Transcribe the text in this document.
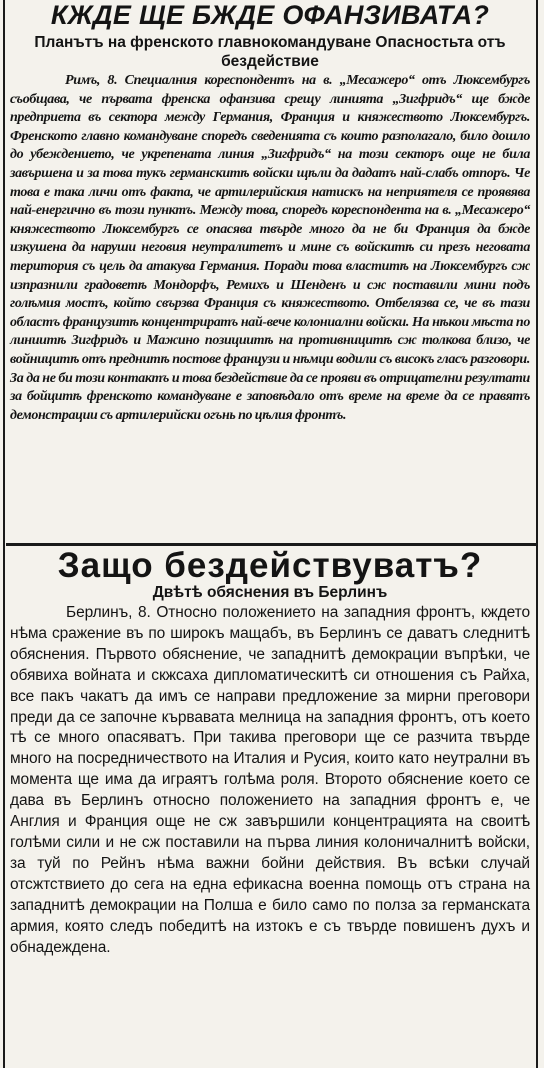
КЖДЕ ЩЕ БЖДЕ ОФАНЗИВАТА?

Планътъ на френското главнокомандуване Опасностьта отъ бездействие

Римъ, 8. Специалния кореспондентъ на в. „Месажеро“ отъ Люксембургъ съобщава, че първата френска офанзива срещу линията „Зигфридъ“ ще бжде предприета въ сектора между Германия, Франция и княжеството Люксембургъ. Френското главно командуване споредъ сведенията съ които разполагало, било дошло до убеждението, че укрепената линия „Зигфридъ“ на този секторъ още не била завършена и за това тукъ германскитѣ войски щѣли да дадатъ най-слабъ отпоръ. Че това е така личи отъ факта, че артилерийския натискъ на неприятеля се проявява най-енергично въ този пунктъ. Между това, споредъ кореспондента на в. „Месажеро“ княжеството Люксембургъ се опасява твърде много да не би Франция да бжде изкушена да наруши неговия неутралитетъ и мине съ войскитѣ си презъ неговата територия съ цель да атакува Германия. Поради това властитѣ на Люксембургъ сж изпразнили градоветѣ Мондорфъ, Ремихъ и Шенденъ и сж поставили мини подъ голѣмия мостъ, който свързва Франция съ княжеството. Отбелязва се, че въ тази областъ французитѣ концентриратъ най-вече колониални войски. На нѣкои мѣста по линиитѣ Зигфридъ и Мажино позициитѣ на противницитѣ сж толкова близо, че войницитѣ отъ преднитѣ постове французи и нѣмци водили съ високъ гласъ разговори. За да не би този контактъ и това бездействие да се прояви въ отрицателни резултати за бойцитѣ френското командуване е заповѣдало отъ време на време да се правятъ демонстрации съ артилерийски огънь по цѣлия фронтъ.

Защо бездействуватъ?

Двѣтѣ обяснения въ Берлинъ

Берлинъ, 8. Относно положението на западния фронтъ, кждето нѣма сражение въ по широкъ мащабъ, въ Берлинъ се даватъ следнитѣ обяснения. Първото обяснение, че западнитѣ демокрации въпрѣки, че обявиха войната и скжсаха дипломатическитѣ си отношения съ Райха, все пакъ чакатъ да имъ се направи предложение за мирни преговори преди да се започне кървавата мелница на западния фронтъ, отъ което тѣ се много опасяватъ. При такива преговори ще се разчита твърде много на посредничеството на Италия и Русия, които като неутрални въ момента ще има да играятъ голѣма роля. Второто обяснение което се дава въ Берлинъ относно положението на западния фронтъ е, че Англия и Франция още не сж завършили концентрацията на своитѣ голѣми сили и не сж поставили на първа линия колоничалнитѣ войски, за туй по Рейнъ нѣма важни бойни действия. Въ всѣки случай отсжтствието до сега на една ефикасна военна помощь отъ страна на западнитѣ демокрации на Полша е било само по полза за германската армия, която следъ победитѣ на изтокъ е съ твърде повишенъ духъ и обнадеждена.
